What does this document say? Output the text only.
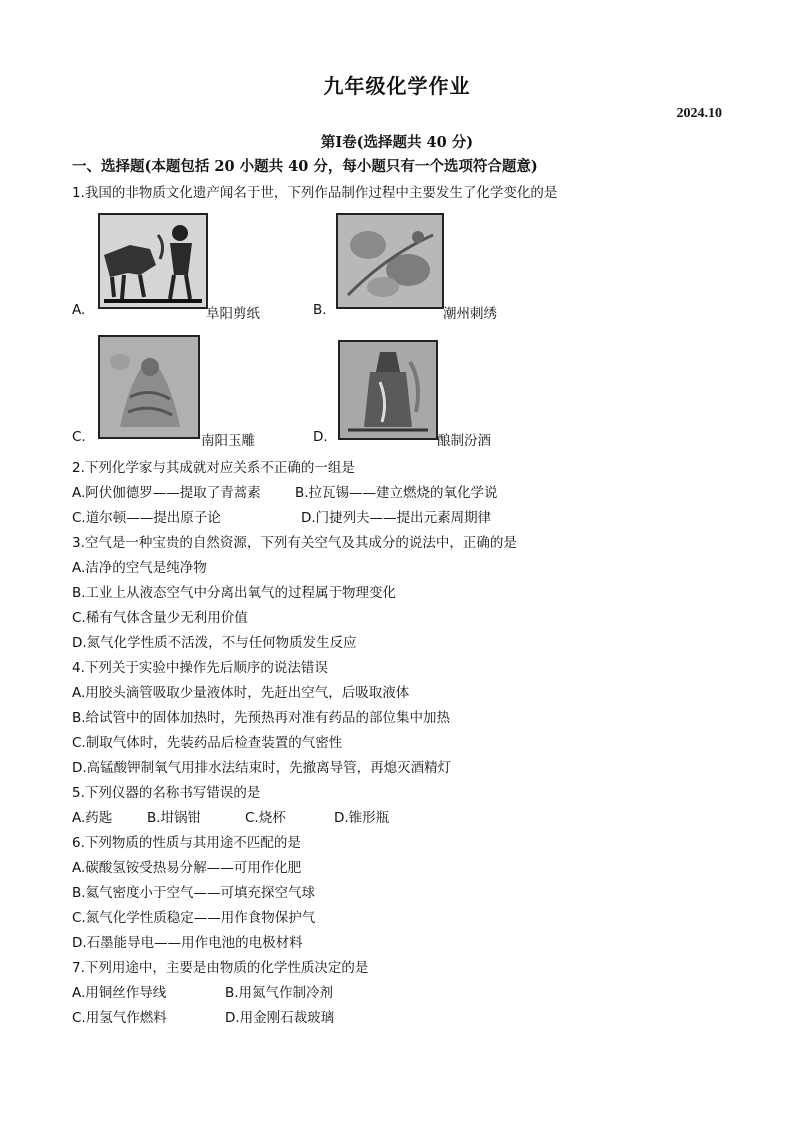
九年级化学作业
2024.10
第Ⅰ卷(选择题共 40 分)
一、选择题(本题包括 20 小题共 40 分，每小题只有一个选项符合题意)
1.我国的非物质文化遗产闻名于世，下列作品制作过程中主要发生了化学变化的是
A.	阜阳剪纸	B.	潮州刺绣
C.	南阳玉雕	D.	酿制汾酒
2.下列化学家与其成就对应关系不正确的一组是
A.阿伏伽德罗——提取了青蒿素	B.拉瓦锡——建立燃烧的氧化学说
C.道尔顿——提出原子论	D.门捷列夫——提出元素周期律
3.空气是一种宝贵的自然资源，下列有关空气及其成分的说法中，正确的是
A.洁净的空气是纯净物
B.工业上从液态空气中分离出氧气的过程属于物理变化
C.稀有气体含量少无利用价值
D.氮气化学性质不活泼，不与任何物质发生反应
4.下列关于实验中操作先后顺序的说法错误
A.用胶头滴管吸取少量液体时，先赶出空气，后吸取液体
B.给试管中的固体加热时，先预热再对准有药品的部位集中加热
C.制取气体时，先装药品后检查装置的气密性
D.高锰酸钾制氧气用排水法结束时，先撤离导管，再熄灭酒精灯
5.下列仪器的名称书写错误的是
A.药匙	B.坩锅钳	C.烧杯	D.锥形瓶
6.下列物质的性质与其用途不匹配的是
A.碳酸氢铵受热易分解——可用作化肥
B.氦气密度小于空气——可填充探空气球
C.氮气化学性质稳定——用作食物保护气
D.石墨能导电——用作电池的电极材料
7.下列用途中，主要是由物质的化学性质决定的是
A.用铜丝作导线	B.用氮气作制冷剂
C.用氢气作燃料	D.用金刚石裁玻璃
